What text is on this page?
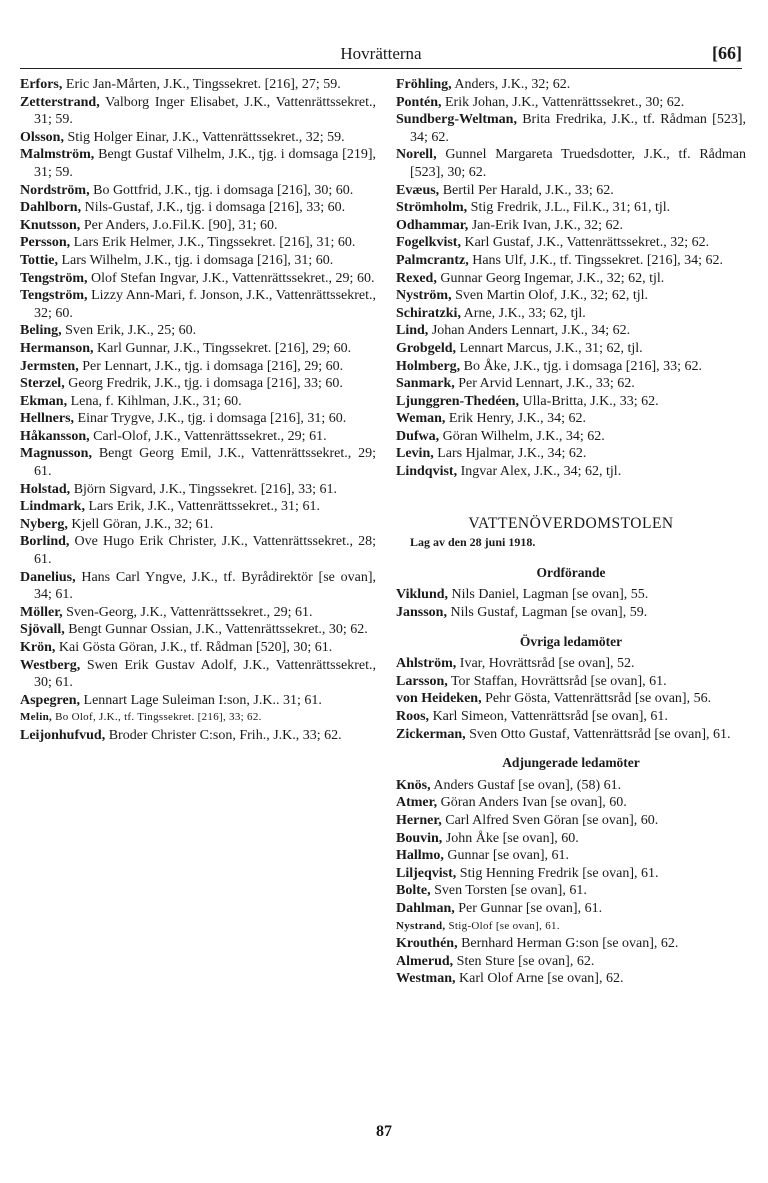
Hovrätterna	[66]
Erfors, Eric Jan-Mårten, J.K., Tingssekret. [216], 27; 59.
Zetterstrand, Valborg Inger Elisabet, J.K., Vattenrättssekret., 31; 59.
Olsson, Stig Holger Einar, J.K., Vattenrättssekret., 32; 59.
Malmström, Bengt Gustaf Vilhelm, J.K., tjg. i domsaga [219], 31; 59.
Nordström, Bo Gottfrid, J.K., tjg. i domsaga [216], 30; 60.
Dahlborn, Nils-Gustaf, J.K., tjg. i domsaga [216], 33; 60.
Knutsson, Per Anders, J.o.Fil.K. [90], 31; 60.
Persson, Lars Erik Helmer, J.K., Tingssekret. [216], 31; 60.
Tottie, Lars Wilhelm, J.K., tjg. i domsaga [216], 31; 60.
Tengström, Olof Stefan Ingvar, J.K., Vattenrättssekret., 29; 60.
Tengström, Lizzy Ann-Mari, f. Jonson, J.K., Vattenrättssekret., 32; 60.
Beling, Sven Erik, J.K., 25; 60.
Hermanson, Karl Gunnar, J.K., Tingssekret. [216], 29; 60.
Jermsten, Per Lennart, J.K., tjg. i domsaga [216], 29; 60.
Sterzel, Georg Fredrik, J.K., tjg. i domsaga [216], 33; 60.
Ekman, Lena, f. Kihlman, J.K., 31; 60.
Hellners, Einar Trygve, J.K., tjg. i domsaga [216], 31; 60.
Håkansson, Carl-Olof, J.K., Vattenrättssekret., 29; 61.
Magnusson, Bengt Georg Emil, J.K., Vattenrättssekret., 29; 61.
Holstad, Björn Sigvard, J.K., Tingssekret. [216], 33; 61.
Lindmark, Lars Erik, J.K., Vattenrättssekret., 31; 61.
Nyberg, Kjell Göran, J.K., 32; 61.
Borlind, Ove Hugo Erik Christer, J.K., Vattenrättssekret., 28; 61.
Danelius, Hans Carl Yngve, J.K., tf. Byrådirektör [se ovan], 34; 61.
Möller, Sven-Georg, J.K., Vattenrättssekret., 29; 61.
Sjövall, Bengt Gunnar Ossian, J.K., Vattenrättssekret., 30; 62.
Krön, Kai Gösta Göran, J.K., tf. Rådman [520], 30; 61.
Westberg, Swen Erik Gustav Adolf, J.K., Vattenrättssekret., 30; 61.
Aspegren, Lennart Lage Suleiman I:son, J.K.. 31; 61.
Melin, Bo Olof, J.K., tf. Tingssekret. [216], 33; 62.
Leijonhufvud, Broder Christer C:son, Frih., J.K., 33; 62.
Fröhling, Anders, J.K., 32; 62.
Pontén, Erik Johan, J.K., Vattenrättssekret., 30; 62.
Sundberg-Weltman, Brita Fredrika, J.K., tf. Rådman [523], 34; 62.
Norell, Gunnel Margareta Truedsdotter, J.K., tf. Rådman [523], 30; 62.
Evæus, Bertil Per Harald, J.K., 33; 62.
Strömholm, Stig Fredrik, J.L., Fil.K., 31; 61, tjl.
Odhammar, Jan-Erik Ivan, J.K., 32; 62.
Fogelkvist, Karl Gustaf, J.K., Vattenrättssekret., 32; 62.
Palmcrantz, Hans Ulf, J.K., tf. Tingssekret. [216], 34; 62.
Rexed, Gunnar Georg Ingemar, J.K., 32; 62, tjl.
Nyström, Sven Martin Olof, J.K., 32; 62, tjl.
Schiratzki, Arne, J.K., 33; 62, tjl.
Lind, Johan Anders Lennart, J.K., 34; 62.
Grobgeld, Lennart Marcus, J.K., 31; 62, tjl.
Holmberg, Bo Åke, J.K., tjg. i domsaga [216], 33; 62.
Sanmark, Per Arvid Lennart, J.K., 33; 62.
Ljunggren-Thedéen, Ulla-Britta, J.K., 33; 62.
Weman, Erik Henry, J.K., 34; 62.
Dufwa, Göran Wilhelm, J.K., 34; 62.
Levin, Lars Hjalmar, J.K., 34; 62.
Lindqvist, Ingvar Alex, J.K., 34; 62, tjl.
VATTENÖVERDOMSTOLEN
Lag av den 28 juni 1918.
Ordförande
Viklund, Nils Daniel, Lagman [se ovan], 55.
Jansson, Nils Gustaf, Lagman [se ovan], 59.
Övriga ledamöter
Ahlström, Ivar, Hovrättsråd [se ovan], 52.
Larsson, Tor Staffan, Hovrättsråd [se ovan], 61.
von Heideken, Pehr Gösta, Vattenrättsråd [se ovan], 56.
Roos, Karl Simeon, Vattenrättsråd [se ovan], 61.
Zickerman, Sven Otto Gustaf, Vattenrättsråd [se ovan], 61.
Adjungerade ledamöter
Knös, Anders Gustaf [se ovan], (58) 61.
Atmer, Göran Anders Ivan [se ovan], 60.
Herner, Carl Alfred Sven Göran [se ovan], 60.
Bouvin, John Åke [se ovan], 60.
Hallmo, Gunnar [se ovan], 61.
Liljeqvist, Stig Henning Fredrik [se ovan], 61.
Bolte, Sven Torsten [se ovan], 61.
Dahlman, Per Gunnar [se ovan], 61.
Nystrand, Stig-Olof [se ovan], 61.
Krouthén, Bernhard Herman G:son [se ovan], 62.
Almerud, Sten Sture [se ovan], 62.
Westman, Karl Olof Arne [se ovan], 62.
87
